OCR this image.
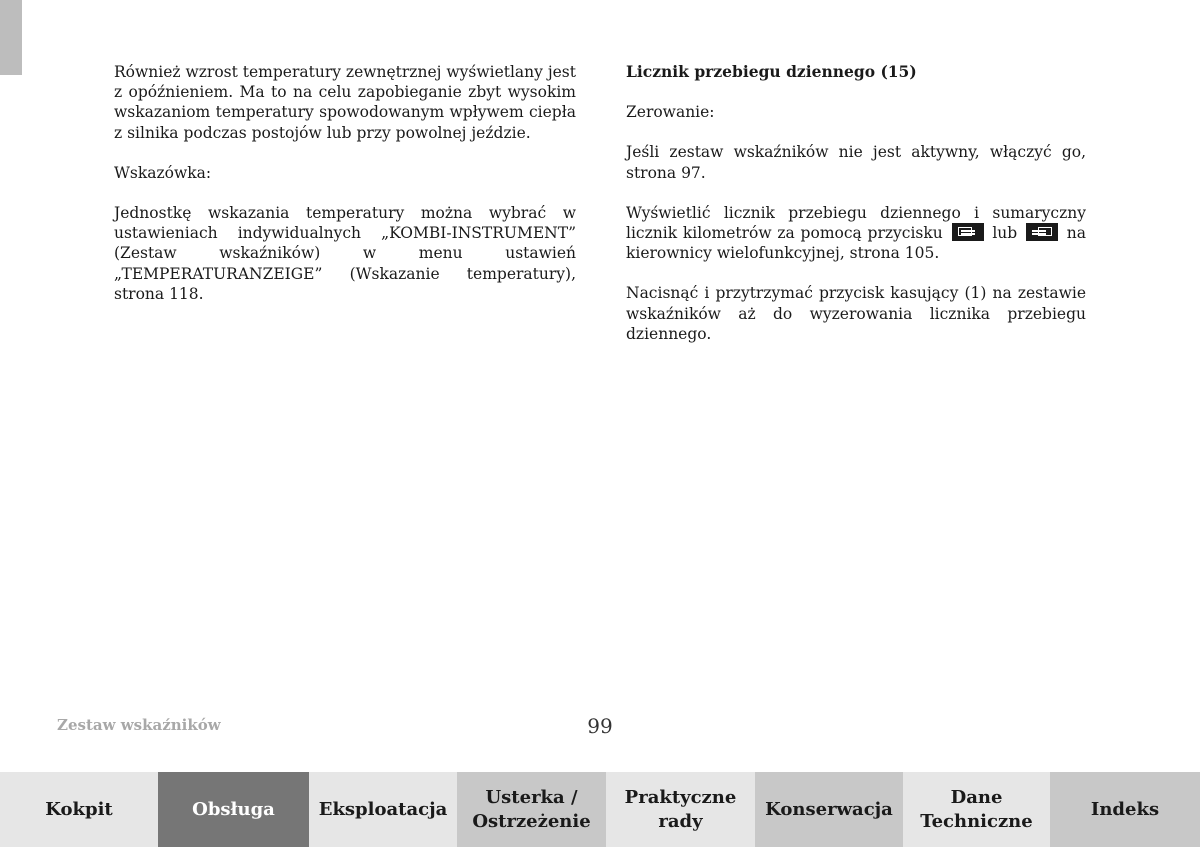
Również wzrost temperatury zewnętrznej wyświetlany jest z opóźnieniem. Ma to na celu zapobieganie zbyt wysokim wskazaniom temperatury spowodowanym wpływem ciepła z silnika podczas postojów lub przy powolnej jeździe.

Wskazówka:

Jednostkę wskazania temperatury można wybrać w ustawieniach indywidualnych „KOMBI-INSTRUMENT” (Zestaw wskaźników) w menu ustawień „TEMPERATURANZEIGE” (Wskazanie temperatury), strona 118.

Licznik przebiegu dziennego (15)

Zerowanie:

Jeśli zestaw wskaźników nie jest aktywny, włączyć go, strona 97.

Wyświetlić licznik przebiegu dziennego i sumaryczny licznik kilometrów za pomocą przycisku	lub	na kierownicy wielofunkcyjnej, strona 105.

Nacisnąć i przytrzymać przycisk kasujący (1) na zestawie wskaźników aż do wyzerowania licznika przebiegu dziennego.

Zestaw wskaźników	99
Kokpit	Obsługa Eksploatacja
Usterka /
Ostrzeżenie
Praktyczne
rady
Konserwacja
Dane
Techniczne
Indeks
